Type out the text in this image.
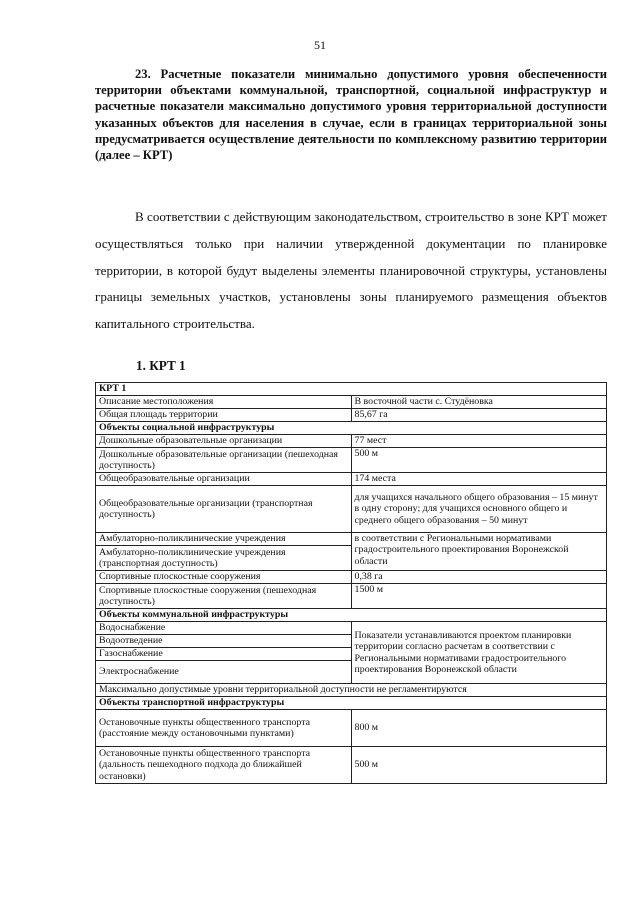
51
23. Расчетные показатели минимально допустимого уровня обеспеченности территории объектами коммунальной, транспортной, социальной инфраструктур и расчетные показатели максимально допустимого уровня территориальной доступности указанных объектов для населения в случае, если в границах территориальной зоны предусматривается осуществление деятельности по комплексному развитию территории (далее – КРТ)
В соответствии с действующим законодательством, строительство в зоне КРТ может осуществляться только при наличии утвержденной документации по планировке территории, в которой будут выделены элементы планировочной структуры, установлены границы земельных участков, установлены зоны планируемого размещения объектов капитального строительства.
1. КРТ 1
КРТ 1	
Описание местоположения	В восточной части с. Студёновка
Общая площадь территории	85,67 га
Объекты социальной инфраструктуры	
Дошкольные образовательные организации	77 мест
Дошкольные образовательные организации (пешеходная доступность)	500 м
Общеобразовательные организации	174 места
Общеобразовательные организации (транспортная доступность)	для учащихся начального общего образования – 15 минут в одну сторону; для учащихся основного общего и среднего общего образования – 50 минут
Амбулаторно-поликлинические учреждения	в соответствии с Региональными нормативами градостроительного проектирования Воронежской области
Амбулаторно-поликлинические учреждения (транспортная доступность)	
Спортивные плоскостные сооружения	0,38 га
Спортивные плоскостные сооружения (пешеходная доступность)	1500 м
Объекты коммунальной инфраструктуры	
Водоснабжение	Показатели устанавливаются проектом планировки территории согласно расчетам в соответствии с Региональными нормативами градостроительного проектирования Воронежской области
Водоотведение	
Газоснабжение	
Электроснабжение	
Максимально допустимые уровни территориальной доступности не регламентируются	
Объекты транспортной инфраструктуры	
Остановочные пункты общественного транспорта (расстояние между остановочными пунктами)	800 м
Остановочные пункты общественного транспорта (дальность пешеходного подхода до ближайшей остановки)	500 м
